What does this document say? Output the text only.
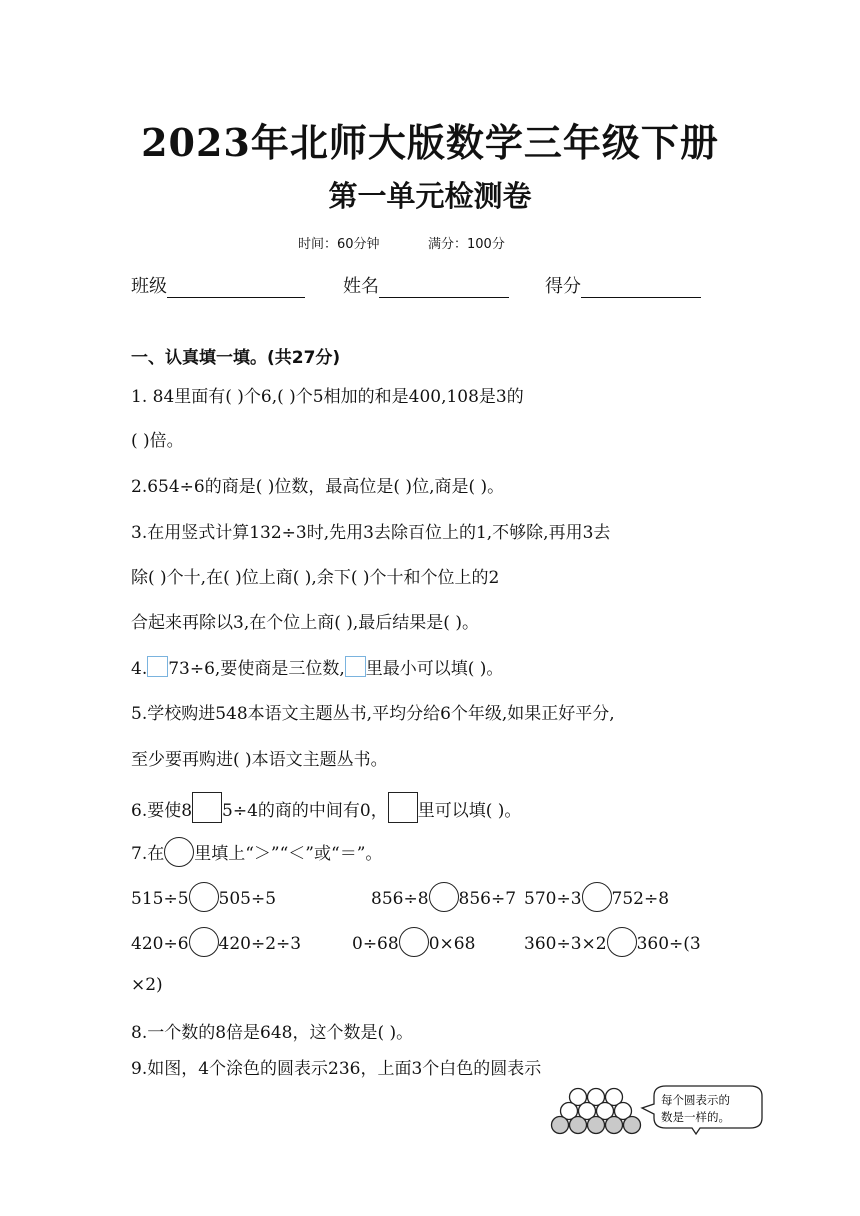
2023年北师大版数学三年级下册
第一单元检测卷
时间：60分钟	满分：100分
班级	姓名	得分
一、认真填一填。(共27分)
1. 84里面有( )个6,( )个5相加的和是400,108是3的
( )倍。
2.654÷6的商是( )位数，最高位是( )位,商是( )。
3.在用竖式计算132÷3时,先用3去除百位上的1,不够除,再用3去
除( )个十,在( )位上商( ),余下( )个十和个位上的2
合起来再除以3,在个位上商( ),最后结果是( )。
4. 73÷6,要使商是三位数, 里最小可以填( )。
5.学校购进548本语文主题丛书,平均分给6个年级,如果正好平分,
至少要再购进( )本语文主题丛书。
6.要使8 5÷4的商的中间有0， 里可以填( )。
7.在 里填上“＞”“＜”或“＝”。
515÷5 505÷5	856÷8 856÷7 570÷3 752÷8
420÷6 420÷2÷3	0÷68 0×68	360÷3×2 360÷(3
×2)
8.一个数的8倍是648，这个数是( )。
9.如图，4个涂色的圆表示236，上面3个白色的圆表示
每个圆表示的
数是一样的。
